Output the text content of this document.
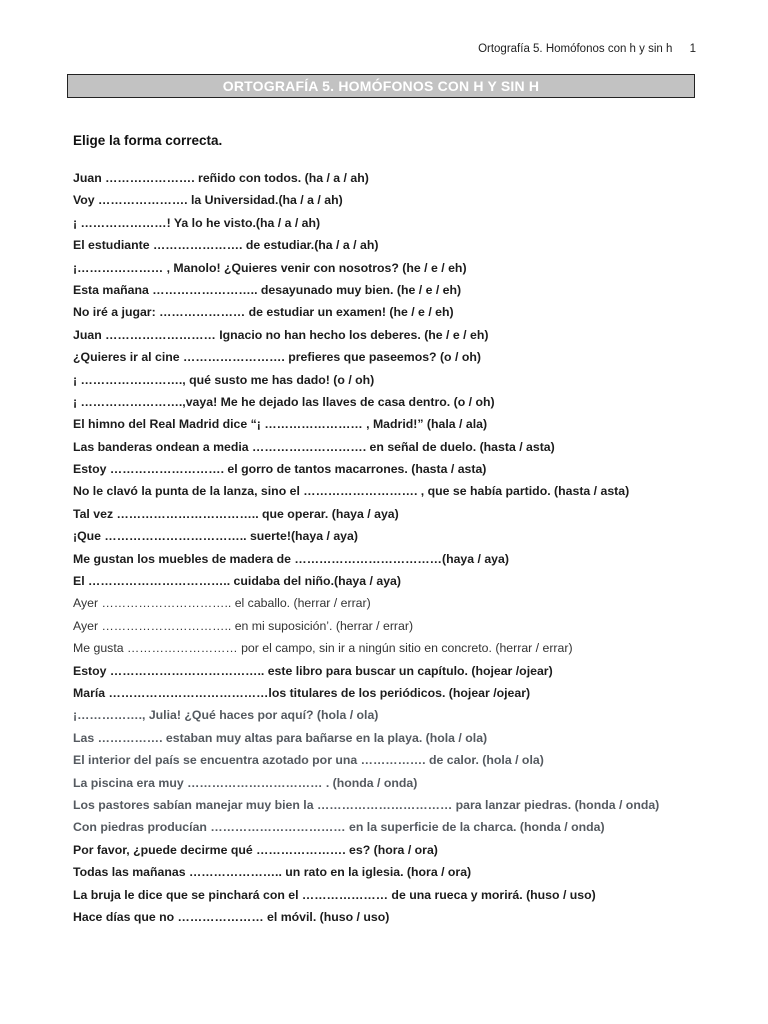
Ortografía 5. Homófonos con h y sin h 1
ORTOGRAFÍA 5. HOMÓFONOS CON H Y SIN H
Elige la forma correcta.
Juan …………………. reñido con todos. (ha / a / ah)
Voy …………………. la Universidad.(ha / a / ah)
¡ …………………! Ya lo he visto.(ha / a / ah)
El estudiante …………………. de estudiar.(ha / a / ah)
¡………………… , Manolo! ¿Quieres venir con nosotros? (he / e / eh)
Esta mañana …………………….. desayunado muy bien. (he / e / eh)
No iré a jugar: ………………… de estudiar un examen! (he / e / eh)
Juan ……………………… Ignacio no han hecho los deberes. (he / e / eh)
¿Quieres ir al cine ……………………. prefieres que paseemos? (o / oh)
¡ ……………………., qué susto me has dado! (o / oh)
¡ …………………….,vaya! Me he dejado las llaves de casa dentro. (o / oh)
El himno del Real Madrid dice “¡ …………………… , Madrid!” (hala / ala)
Las banderas ondean a media ………………………. en señal de duelo. (hasta / asta)
Estoy ………………………. el gorro de tantos macarrones. (hasta / asta)
No le clavó la punta de la lanza, sino el ………………………. , que se había partido. (hasta / asta)
Tal vez …………………………….. que operar. (haya / aya)
¡Que …………………………….. suerte!(haya / aya)
Me gustan los muebles de madera de ………………………………(haya / aya)
El …………………………….. cuidaba del niño.(haya / aya)
Ayer ………………………….. el caballo. (herrar / errar)
Ayer ………………………….. en mi suposición’. (herrar / errar)
Me gusta ……………………… por el campo, sin ir a ningún sitio en concreto. (herrar / errar)
Estoy ……………………………….. este libro para buscar un capítulo. (hojear /ojear)
María …………………………………los titulares de los periódicos. (hojear /ojear)
¡……………., Julia! ¿Qué haces por aquí? (hola / ola)
Las ……………. estaban muy altas para bañarse en la playa. (hola / ola)
El interior del país se encuentra azotado por una ……………. de calor. (hola / ola)
La piscina era muy …………………………… . (honda / onda)
Los pastores sabían manejar muy bien la …………………………… para lanzar piedras. (honda / onda)
Con piedras producían …………………………… en la superficie de la charca. (honda / onda)
Por favor, ¿puede decirme qué …………………. es? (hora / ora)
Todas las mañanas ………………….. un rato en la iglesia. (hora / ora)
La bruja le dice que se pinchará con el ………………… de una rueca y morirá. (huso / uso)
Hace días que no ………………… el móvil. (huso / uso)
